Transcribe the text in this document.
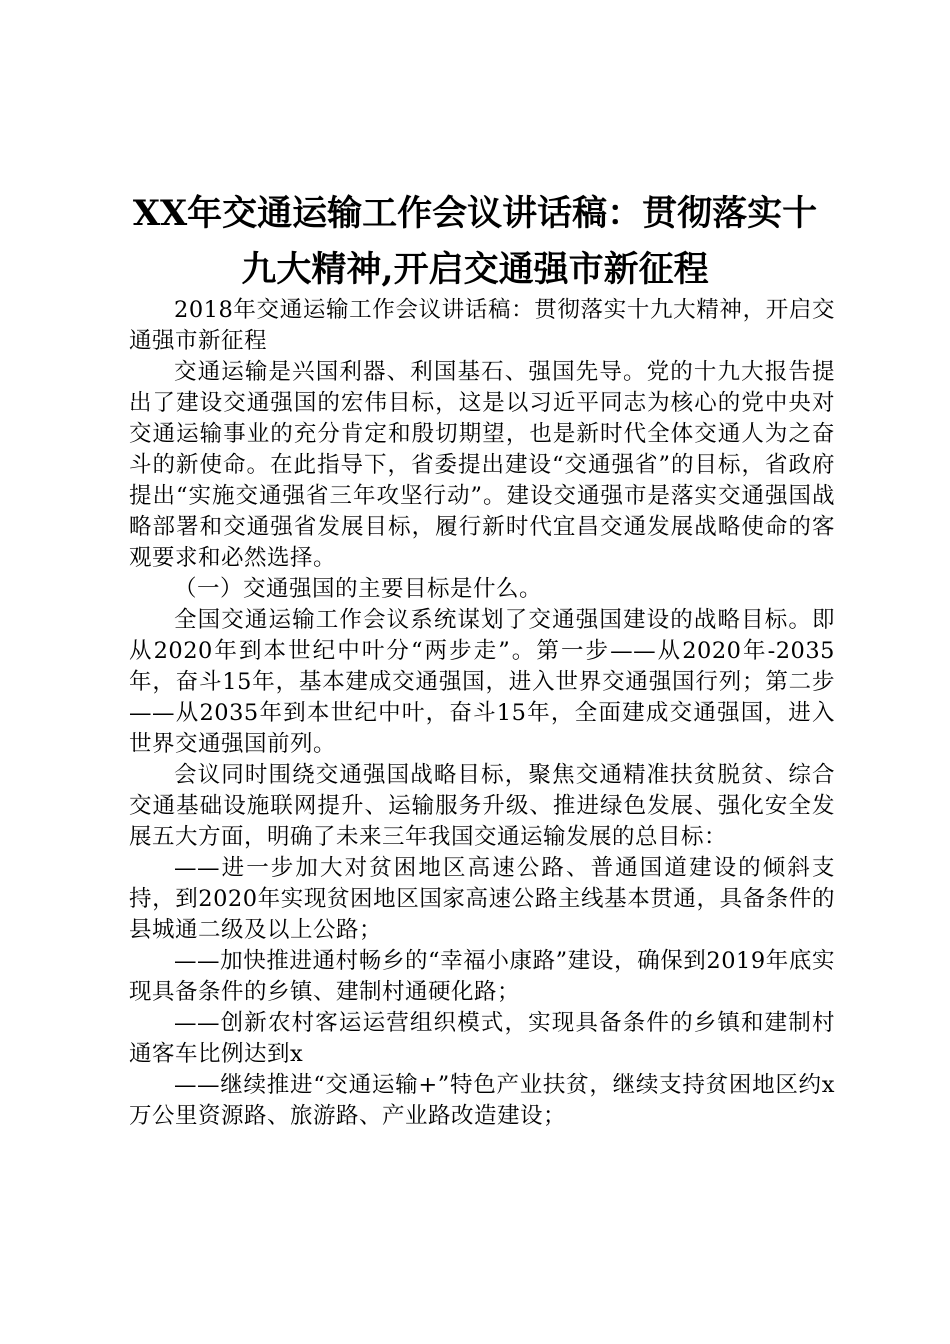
XX年交通运输工作会议讲话稿：贯彻落实十
九大精神,开启交通强市新征程

2018年交通运输工作会议讲话稿：贯彻落实十九大精神，开启交通强市新征程

交通运输是兴国利器、利国基石、强国先导。党的十九大报告提出了建设交通强国的宏伟目标，这是以习近平同志为核心的党中央对交通运输事业的充分肯定和殷切期望，也是新时代全体交通人为之奋斗的新使命。在此指导下，省委提出建设“交通强省”的目标，省政府提出“实施交通强省三年攻坚行动”。建设交通强市是落实交通强国战略部署和交通强省发展目标，履行新时代宜昌交通发展战略使命的客观要求和必然选择。

（一）交通强国的主要目标是什么。

全国交通运输工作会议系统谋划了交通强国建设的战略目标。即从2020年到本世纪中叶分“两步走”。第一步——从2020年-2035年，奋斗15年，基本建成交通强国，进入世界交通强国行列；第二步——从2035年到本世纪中叶，奋斗15年，全面建成交通强国，进入世界交通强国前列。

会议同时围绕交通强国战略目标，聚焦交通精准扶贫脱贫、综合交通基础设施联网提升、运输服务升级、推进绿色发展、强化安全发展五大方面，明确了未来三年我国交通运输发展的总目标：

——进一步加大对贫困地区高速公路、普通国道建设的倾斜支持，到2020年实现贫困地区国家高速公路主线基本贯通，具备条件的县城通二级及以上公路；

——加快推进通村畅乡的“幸福小康路”建设，确保到2019年底实现具备条件的乡镇、建制村通硬化路；

——创新农村客运运营组织模式，实现具备条件的乡镇和建制村通客车比例达到x

——继续推进“交通运输+”特色产业扶贫，继续支持贫困地区约x万公里资源路、旅游路、产业路改造建设；
